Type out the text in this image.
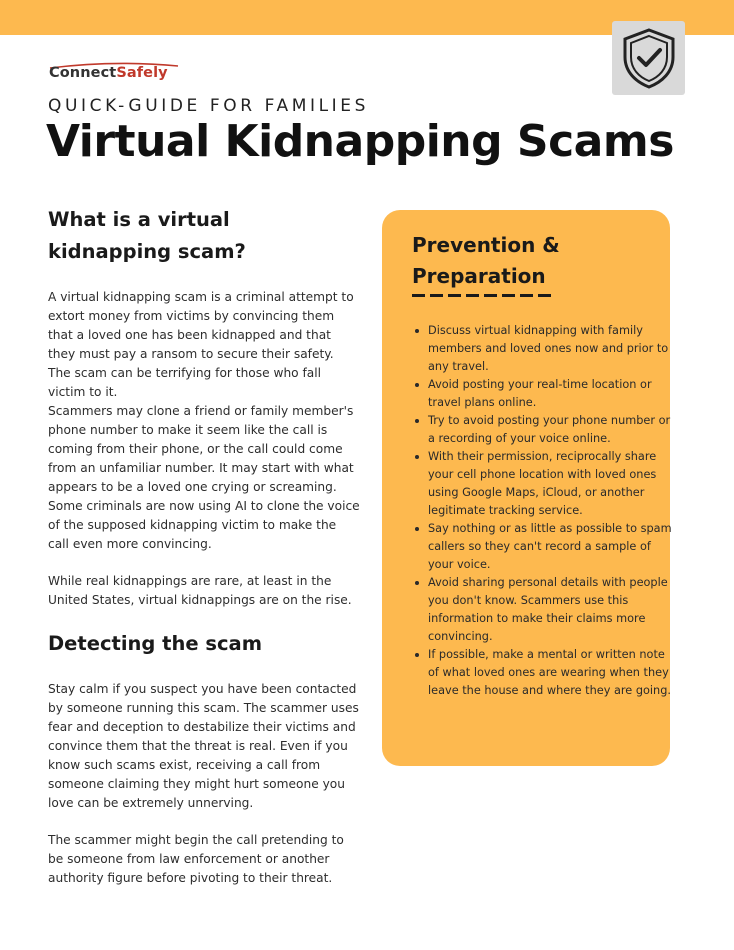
ConnectSafely
QUICK-GUIDE FOR FAMILIES
Virtual Kidnapping Scams
What is a virtual kidnapping scam?

A virtual kidnapping scam is a criminal attempt to extort money from victims by convincing them that a loved one has been kidnapped and that they must pay a ransom to secure their safety. The scam can be terrifying for those who fall victim to it.

Scammers may clone a friend or family member's phone number to make it seem like the call is coming from their phone, or the call could come from an unfamiliar number. It may start with what appears to be a loved one crying or screaming. Some criminals are now using AI to clone the voice of the supposed kidnapping victim to make the call even more convincing.

While real kidnappings are rare, at least in the United States, virtual kidnappings are on the rise.

Detecting the scam

Stay calm if you suspect you have been contacted by someone running this scam. The scammer uses fear and deception to destabilize their victims and convince them that the threat is real. Even if you know such scams exist, receiving a call from someone claiming they might hurt someone you love can be extremely unnerving.

The scammer might begin the call pretending to be someone from law enforcement or another authority figure before pivoting to their threat.

Prevention & Preparation
Discuss virtual kidnapping with family members and loved ones now and prior to any travel.
Avoid posting your real-time location or travel plans online.
Try to avoid posting your phone number or a recording of your voice online.
With their permission, reciprocally share your cell phone location with loved ones using Google Maps, iCloud, or another legitimate tracking service.
Say nothing or as little as possible to spam callers so they can't record a sample of your voice.
Avoid sharing personal details with people you don't know. Scammers use this information to make their claims more convincing.
If possible, make a mental or written note of what loved ones are wearing when they leave the house and where they are going.
